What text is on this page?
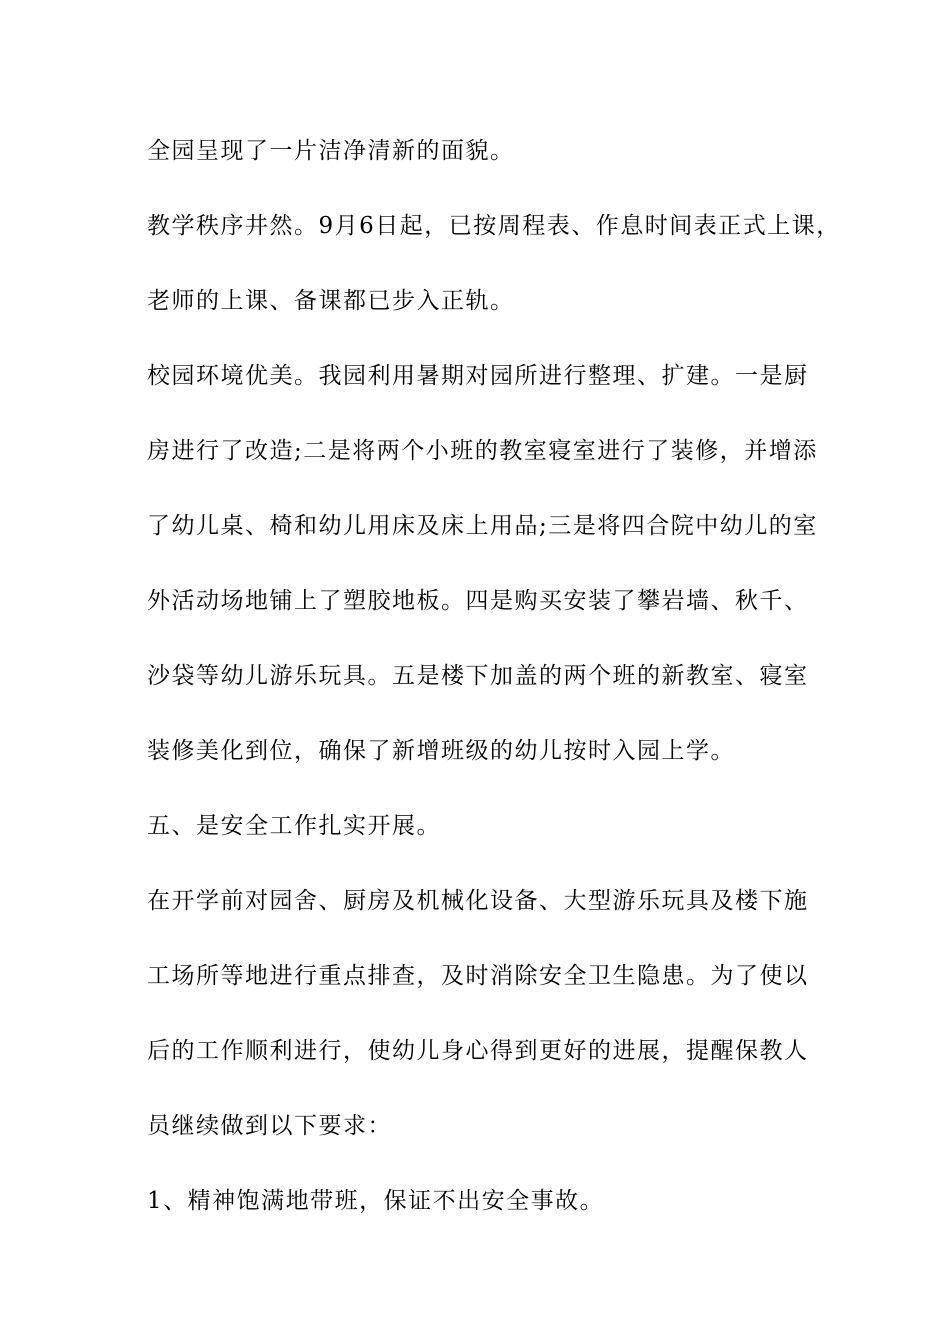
全园呈现了一片洁净清新的面貌。
教学秩序井然。9月6日起，已按周程表、作息时间表正式上课，
老师的上课、备课都已步入正轨。
校园环境优美。我园利用暑期对园所进行整理、扩建。一是厨
房进行了改造;二是将两个小班的教室寝室进行了装修，并增添
了幼儿桌、椅和幼儿用床及床上用品;三是将四合院中幼儿的室
外活动场地铺上了塑胶地板。四是购买安装了攀岩墙、秋千、
沙袋等幼儿游乐玩具。五是楼下加盖的两个班的新教室、寝室
装修美化到位，确保了新增班级的幼儿按时入园上学。
五、是安全工作扎实开展。
在开学前对园舍、厨房及机械化设备、大型游乐玩具及楼下施
工场所等地进行重点排查，及时消除安全卫生隐患。为了使以
后的工作顺利进行，使幼儿身心得到更好的进展，提醒保教人
员继续做到以下要求：
1、精神饱满地带班，保证不出安全事故。
